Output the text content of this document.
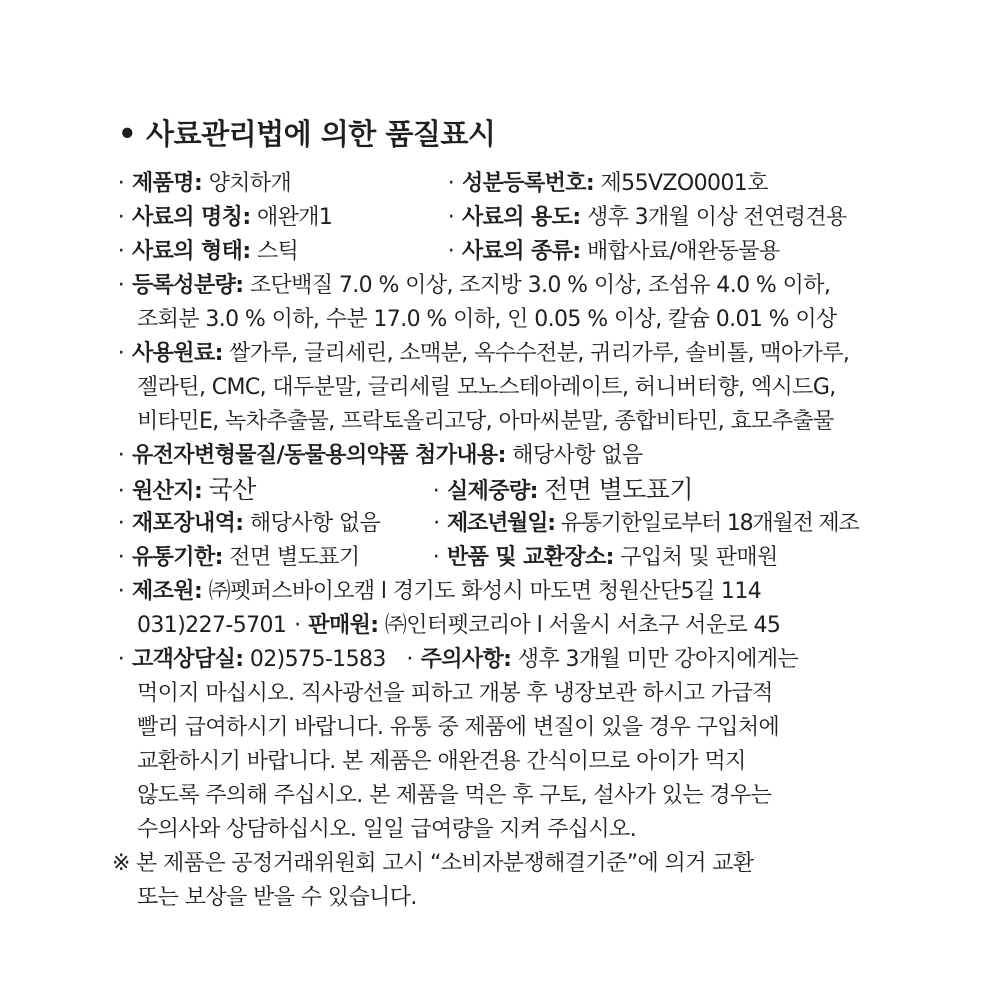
• 사료관리법에 의한 품질표시
· 제품명: 양치하개	· 성분등록번호: 제55VZO0001호
· 사료의 명칭: 애완개1	· 사료의 용도: 생후 3개월 이상 전연령견용
· 사료의 형태: 스틱	· 사료의 종류: 배합사료/애완동물용
· 등록성분량: 조단백질 7.0 % 이상, 조지방 3.0 % 이상, 조섬유 4.0 % 이하,
조회분 3.0 % 이하, 수분 17.0 % 이하, 인 0.05 % 이상, 칼슘 0.01 % 이상
· 사용원료: 쌀가루, 글리세린, 소맥분, 옥수수전분, 귀리가루, 솔비톨, 맥아가루,
젤라틴, CMC, 대두분말, 글리세릴 모노스테아레이트, 허니버터향, 엑시드G,
비타민E, 녹차추출물, 프락토올리고당, 아마씨분말, 종합비타민, 효모추출물
· 유전자변형물질/동물용의약품 첨가내용: 해당사항 없음
· 원산지: 국산	· 실제중량: 전면 별도표기
· 재포장내역: 해당사항 없음	· 제조년월일: 유통기한일로부터 18개월전 제조
· 유통기한: 전면 별도표기	· 반품 및 교환장소: 구입처 및 판매원
· 제조원: ㈜펫퍼스바이오캠 l 경기도 화성시 마도면 청원산단5길 114
031)227-5701 · 판매원: ㈜인터펫코리아 l 서울시 서초구 서운로 45
· 고객상담실: 02)575-1583 · 주의사항: 생후 3개월 미만 강아지에게는
먹이지 마십시오. 직사광선을 피하고 개봉 후 냉장보관 하시고 가급적
빨리 급여하시기 바랍니다. 유통 중 제품에 변질이 있을 경우 구입처에
교환하시기 바랍니다. 본 제품은 애완견용 간식이므로 아이가 먹지
않도록 주의해 주십시오. 본 제품을 먹은 후 구토, 설사가 있는 경우는
수의사와 상담하십시오. 일일 급여량을 지켜 주십시오.
※ 본 제품은 공정거래위원회 고시 “소비자분쟁해결기준”에 의거 교환
또는 보상을 받을 수 있습니다.
